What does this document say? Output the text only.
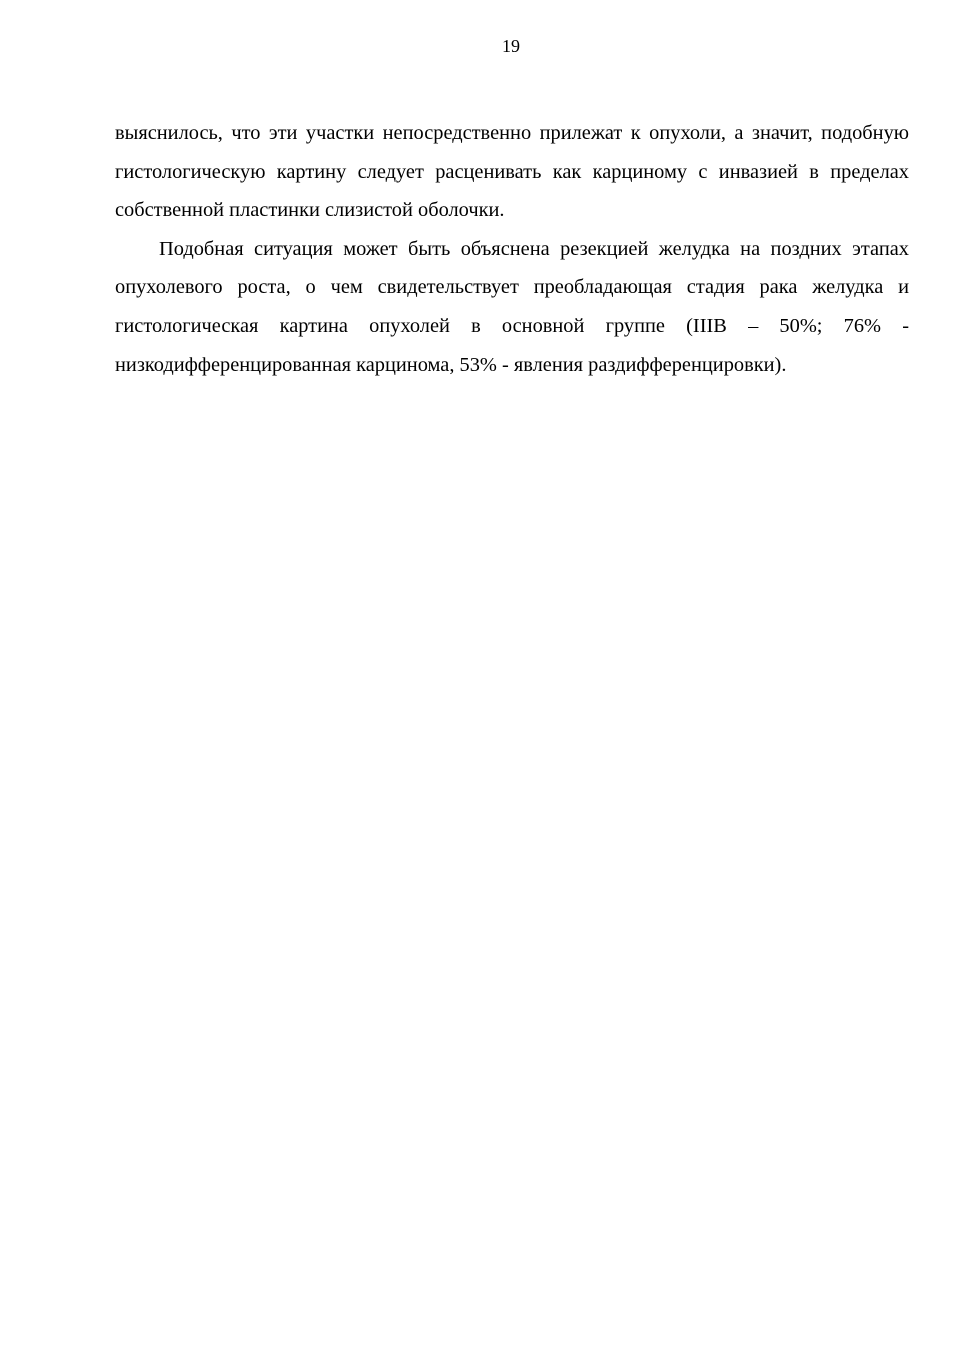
19

выяснилось, что эти участки непосредственно прилежат к опухоли, а значит, подобную гистологическую картину следует расценивать как карциному с инвазией в пределах собственной пластинки слизистой оболочки.

Подобная ситуация может быть объяснена резекцией желудка на поздних этапах опухолевого роста, о чем свидетельствует преобладающая стадия рака желудка и гистологическая картина опухолей в основной группе (IIIB – 50%; 76% - низкодифференцированная карцинома, 53% - явления раздифференцировки).
